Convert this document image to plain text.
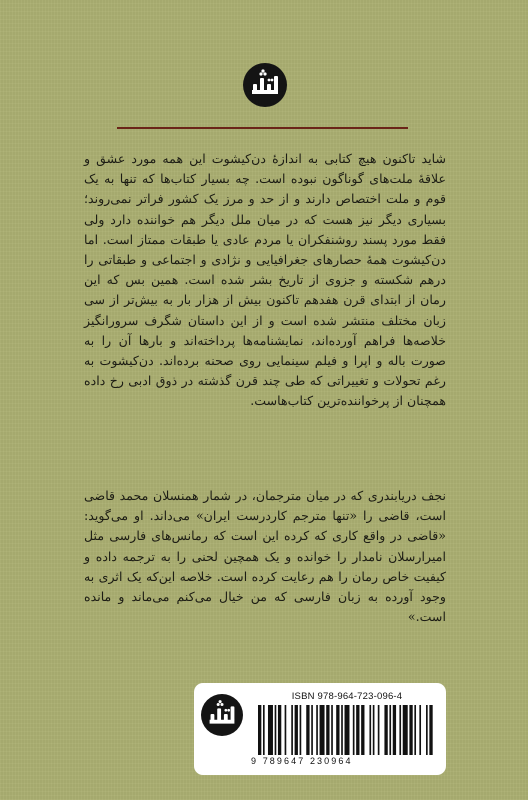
شاید تاکنون هیچ کتابی به اندازهٔ دن‌کیشوت این همه مورد عشق و علاقهٔ ملت‌های گوناگون نبوده است. چه بسیار کتاب‌ها که تنها به یک قوم و ملت اختصاص دارند و از حد و مرز یک کشور فراتر نمی‌روند؛ بسیاری دیگر نیز هست که در میان ملل دیگر هم خواننده دارد ولی فقط مورد پسند روشنفکران یا مردم عادی یا طبقات ممتاز است. اما دن‌کیشوت همهٔ حصارهای جغرافیایی و نژادی و اجتماعی و طبقاتی را درهم شکسته و جزوی از تاریخ بشر شده است. همین بس که این رمان از ابتدای قرن هفدهم تاکنون بیش از هزار بار به بیش‌تر از سی زبان مختلف منتشر شده است و از این داستان شگرف سرورانگیز خلاصه‌ها فراهم آورده‌اند، نمایشنامه‌ها پرداخته‌اند و بارها آن را به صورت باله و اپرا و فیلم سینمایی روی صحنه برده‌اند. دن‌کیشوت به رغم تحولات و تغییراتی که طی چند قرن گذشته در ذوق ادبی رخ داده همچنان از پرخواننده‌ترین کتاب‌هاست.

نجف دریابندری که در میان مترجمان، در شمار همنسلان محمد قاضی است، قاضی را «تنها مترجم کاردرست ایران» می‌داند. او می‌گوید: «قاضی در واقع کاری که کرده این است که رمانس‌های فارسی مثل امیرارسلان نامدار را خوانده و یک همچین لحنی را به ترجمه داده و کیفیت خاص رمان را هم رعایت کرده است. خلاصه این‌که یک اثری به وجود آورده به زبان فارسی که من خیال می‌کنم می‌ماند و مانده است.»

ISBN 978-964-723-096-4
9 789647 230964
